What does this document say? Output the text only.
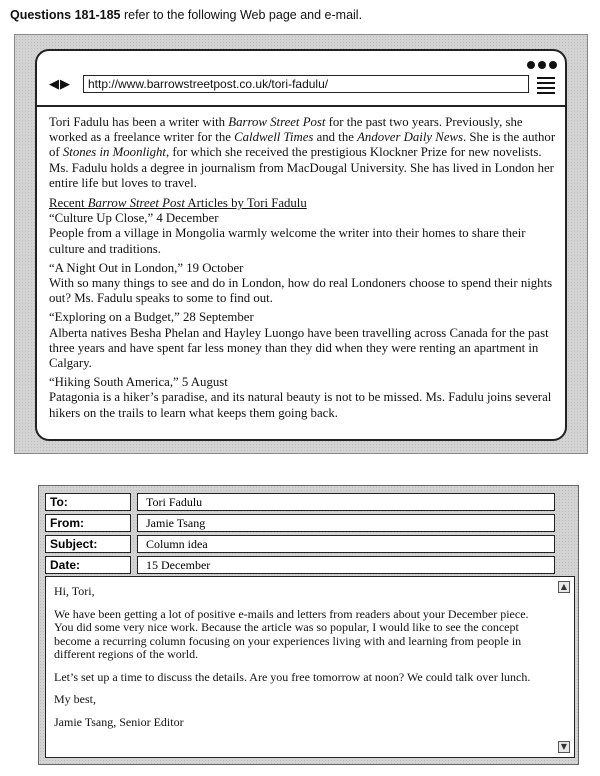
Questions 181-185 refer to the following Web page and e-mail.
◀▶	http://www.barrowstreetpost.co.uk/tori-fadulu/

Tori Fadulu has been a writer with Barrow Street Post for the past two years. Previously, she worked as a freelance writer for the Caldwell Times and the Andover Daily News. She is the author of Stones in Moonlight, for which she received the prestigious Klockner Prize for new novelists. Ms. Fadulu holds a degree in journalism from MacDougal University. She has lived in London her entire life but loves to travel.

Recent Barrow Street Post Articles by Tori Fadulu

“Culture Up Close,” 4 December

People from a village in Mongolia warmly welcome the writer into their homes to share their culture and traditions.

“A Night Out in London,” 19 October

With so many things to see and do in London, how do real Londoners choose to spend their nights out? Ms. Fadulu speaks to some to find out.

“Exploring on a Budget,” 28 September

Alberta natives Besha Phelan and Hayley Luongo have been travelling across Canada for the past three years and have spent far less money than they did when they were renting an apartment in Calgary.

“Hiking South America,” 5 August

Patagonia is a hiker’s paradise, and its natural beauty is not to be missed. Ms. Fadulu joins several hikers on the trails to learn what keeps them going back.

To:	Tori Fadulu
From:	Jamie Tsang
Subject:	Column idea
Date:	15 December

Hi, Tori,

We have been getting a lot of positive e-mails and letters from readers about your December piece. You did some very nice work. Because the article was so popular, I would like to see the concept become a recurring column focusing on your experiences living with and learning from people in different regions of the world.

Let’s set up a time to discuss the details. Are you free tomorrow at noon? We could talk over lunch.

My best,

Jamie Tsang, Senior Editor

▲
▼
